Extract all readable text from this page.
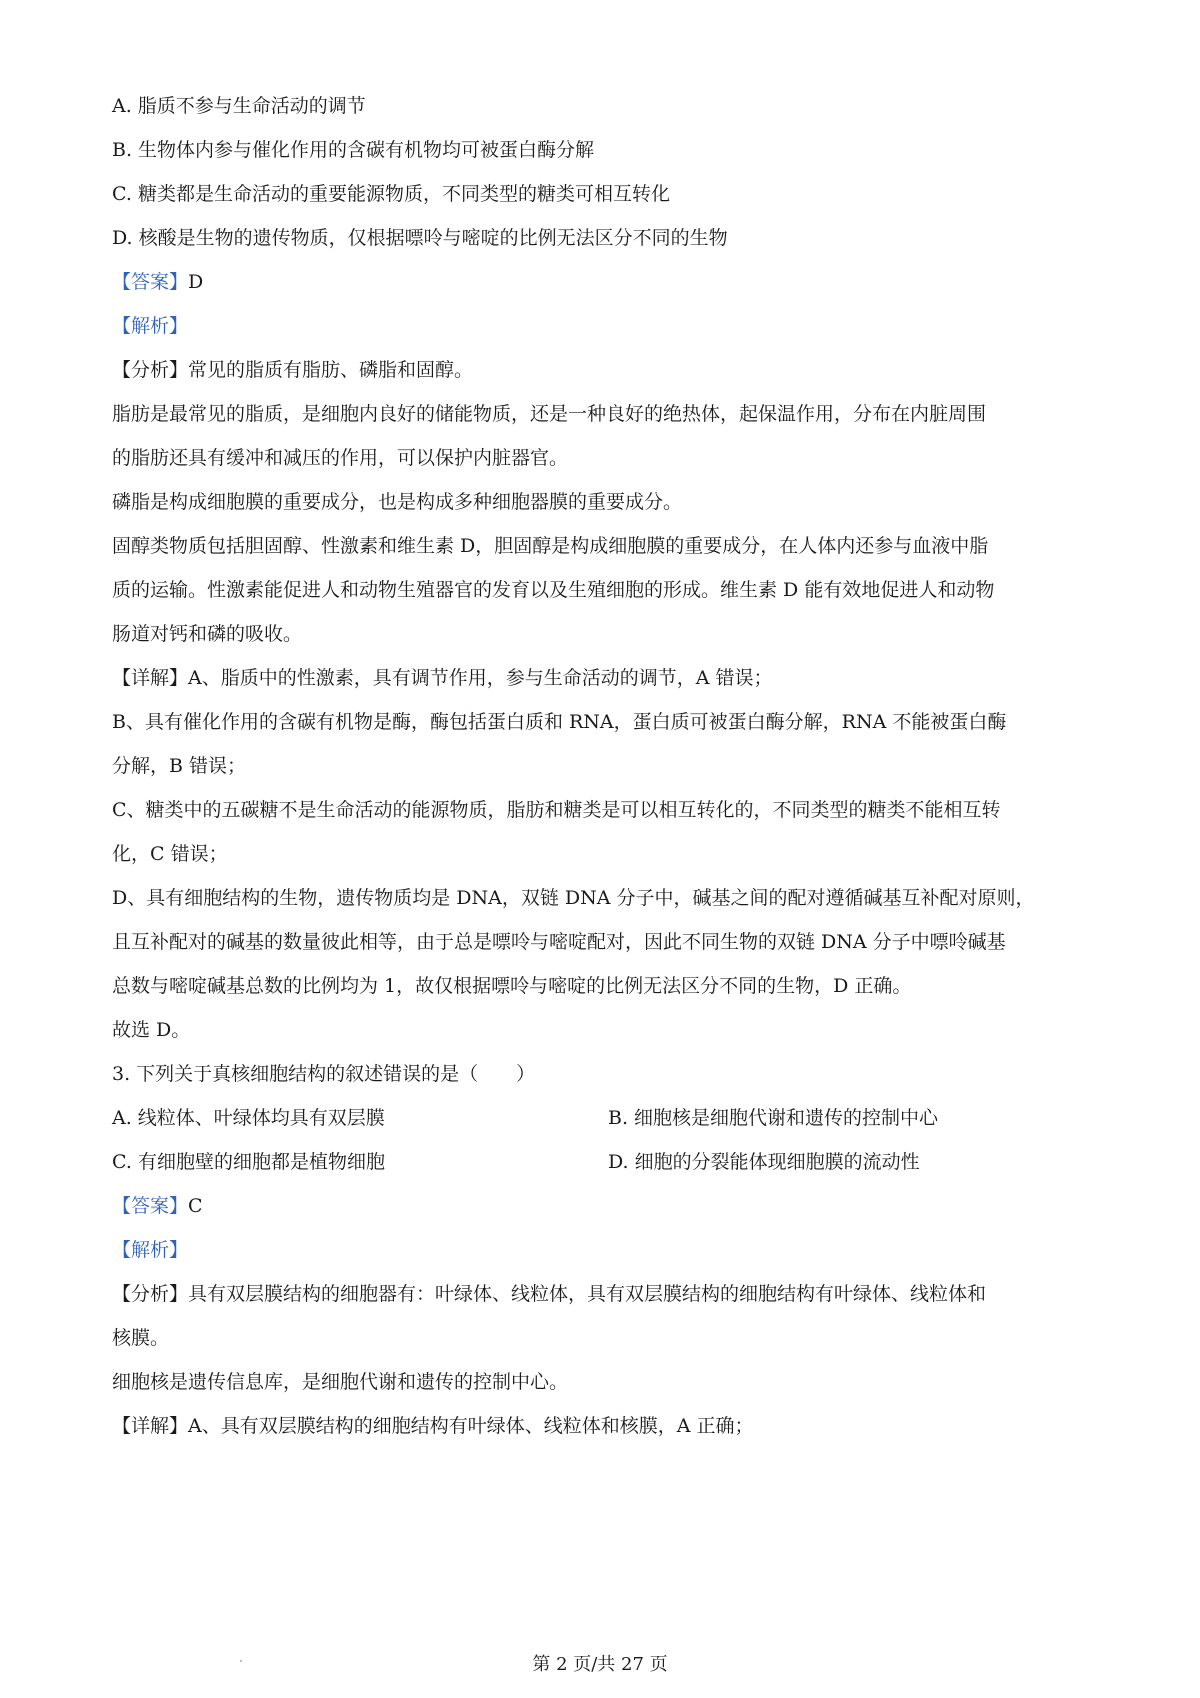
A. 脂质不参与生命活动的调节
B. 生物体内参与催化作用的含碳有机物均可被蛋白酶分解
C. 糖类都是生命活动的重要能源物质，不同类型的糖类可相互转化
D. 核酸是生物的遗传物质，仅根据嘌呤与嘧啶的比例无法区分不同的生物
【答案】D
【解析】
【分析】常见的脂质有脂肪、磷脂和固醇。
脂肪是最常见的脂质，是细胞内良好的储能物质，还是一种良好的绝热体，起保温作用，分布在内脏周围
的脂肪还具有缓冲和减压的作用，可以保护内脏器官。
磷脂是构成细胞膜的重要成分，也是构成多种细胞器膜的重要成分。
固醇类物质包括胆固醇、性激素和维生素 D，胆固醇是构成细胞膜的重要成分，在人体内还参与血液中脂
质的运输。性激素能促进人和动物生殖器官的发育以及生殖细胞的形成。维生素 D 能有效地促进人和动物
肠道对钙和磷的吸收。
【详解】A、脂质中的性激素，具有调节作用，参与生命活动的调节，A 错误；
B、具有催化作用的含碳有机物是酶，酶包括蛋白质和 RNA，蛋白质可被蛋白酶分解，RNA 不能被蛋白酶
分解，B 错误；
C、糖类中的五碳糖不是生命活动的能源物质，脂肪和糖类是可以相互转化的，不同类型的糖类不能相互转
化，C 错误；
D、具有细胞结构的生物，遗传物质均是 DNA，双链 DNA 分子中，碱基之间的配对遵循碱基互补配对原则，
且互补配对的碱基的数量彼此相等，由于总是嘌呤与嘧啶配对，因此不同生物的双链 DNA 分子中嘌呤碱基
总数与嘧啶碱基总数的比例均为 1，故仅根据嘌呤与嘧啶的比例无法区分不同的生物，D 正确。
故选 D。
3. 下列关于真核细胞结构的叙述错误的是（　　）
A. 线粒体、叶绿体均具有双层膜	B. 细胞核是细胞代谢和遗传的控制中心
C. 有细胞壁的细胞都是植物细胞	D. 细胞的分裂能体现细胞膜的流动性
【答案】C
【解析】
【分析】具有双层膜结构的细胞器有：叶绿体、线粒体，具有双层膜结构的细胞结构有叶绿体、线粒体和
核膜。
细胞核是遗传信息库，是细胞代谢和遗传的控制中心。
【详解】A、具有双层膜结构的细胞结构有叶绿体、线粒体和核膜，A 正确；
第 2 页/共 27 页
